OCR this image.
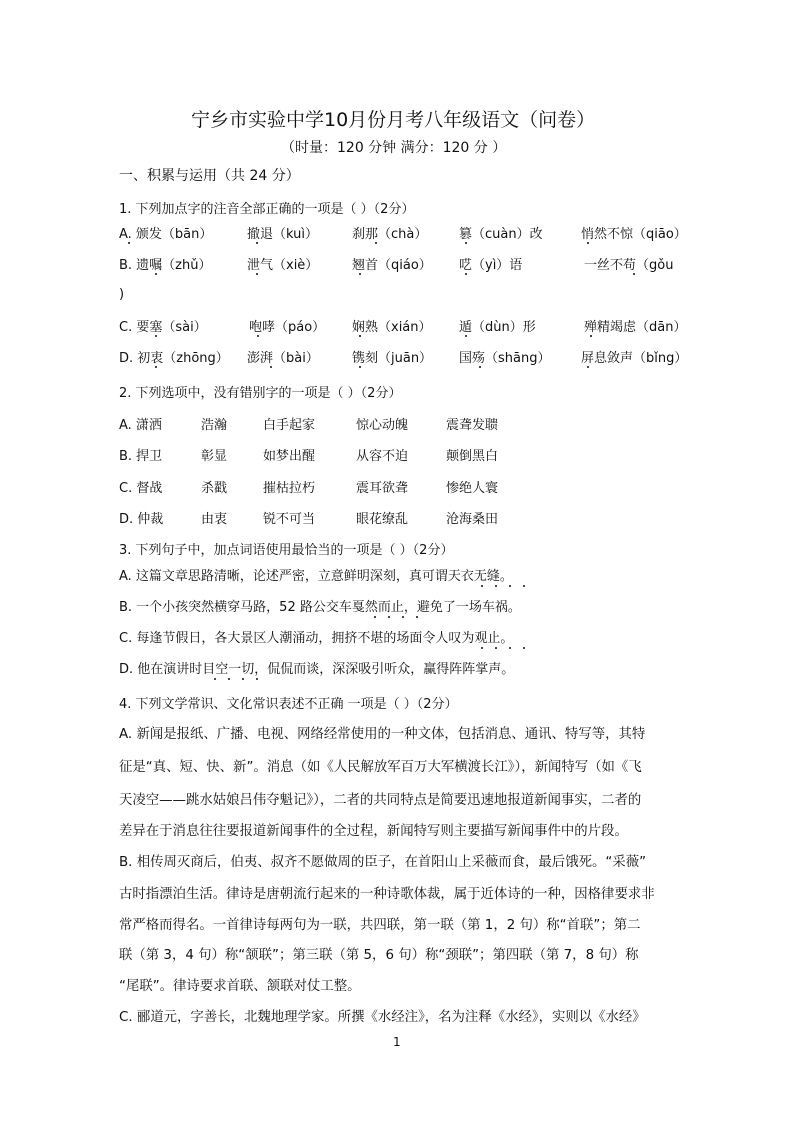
宁乡市实验中学10月份月考八年级语文（问卷）
（时量：120 分钟 满分：120 分 ）
一、积累与运用（共 24 分）
1. 下列加点字的注音全部正确的一项是（ ）（2分）
A. 颁发（bān）	撤退（kuì）	刹那（chà） 篡（cuàn）改	悄然不惊（qiāo）
B. 遗嘱（zhǔ）	泄气（xiè）	翘首（qiáo） 呓（yì）语	一丝不苟（gǒu
)
C. 要塞（sài）	咆哮（páo） 娴熟（xián） 遁（dùn）形	殚精竭虑（dān）
D. 初衷（zhōng） 澎湃（bài）	镌刻（juān） 国殇（shāng） 屏息敛声（bǐng）
2. 下列选项中，没有错别字的一项是（ ）（2分）
A. 潇洒	浩瀚	白手起家	惊心动魄	震聋发聩
B. 捍卫	彰显	如梦出醒	从容不迫	颠倒黑白
C. 督战	杀戳	摧枯拉朽	震耳欲聋	惨绝人寰
D. 仲裁	由衷	锐不可当	眼花缭乱	沧海桑田
3. 下列句子中，加点词语使用最恰当的一项是（ ）（2分）
A. 这篇文章思路清晰，论述严密，立意鲜明深刻，真可谓天衣无缝。
B. 一个小孩突然横穿马路，52 路公交车戛然而止，避免了一场车祸。
C. 每逢节假日，各大景区人潮涌动，拥挤不堪的场面令人叹为观止。
D. 他在演讲时目空一切，侃侃而谈，深深吸引听众，赢得阵阵掌声。
4. 下列文学常识、文化常识表述不正确 一项是（ ）（2分）
A. 新闻是报纸、广播、电视、网络经常使用的一种文体，包括消息、通讯、特写等，其特
征是“真、短、快、新”。消息（如《人民解放军百万大军横渡长江》），新闻特写（如《飞
天凌空——跳水姑娘吕伟夺魁记》），二者的共同特点是简要迅速地报道新闻事实，二者的
差异在于消息往往要报道新闻事件的全过程，新闻特写则主要描写新闻事件中的片段。
B. 相传周灭商后，伯夷、叔齐不愿做周的臣子，在首阳山上采薇而食，最后饿死。“采薇”
古时指漂泊生活。律诗是唐朝流行起来的一种诗歌体裁，属于近体诗的一种，因格律要求非
常严格而得名。一首律诗每两句为一联，共四联，第一联（第 1，2 句）称“首联”；第二
联（第 3，4 句）称“颔联”；第三联（第 5，6 句）称“颈联”；第四联（第 7，8 句）称
“尾联”。律诗要求首联、颔联对仗工整。
C. 郦道元，字善长，北魏地理学家。所撰《水经注》，名为注释《水经》，实则以《水经》
1
